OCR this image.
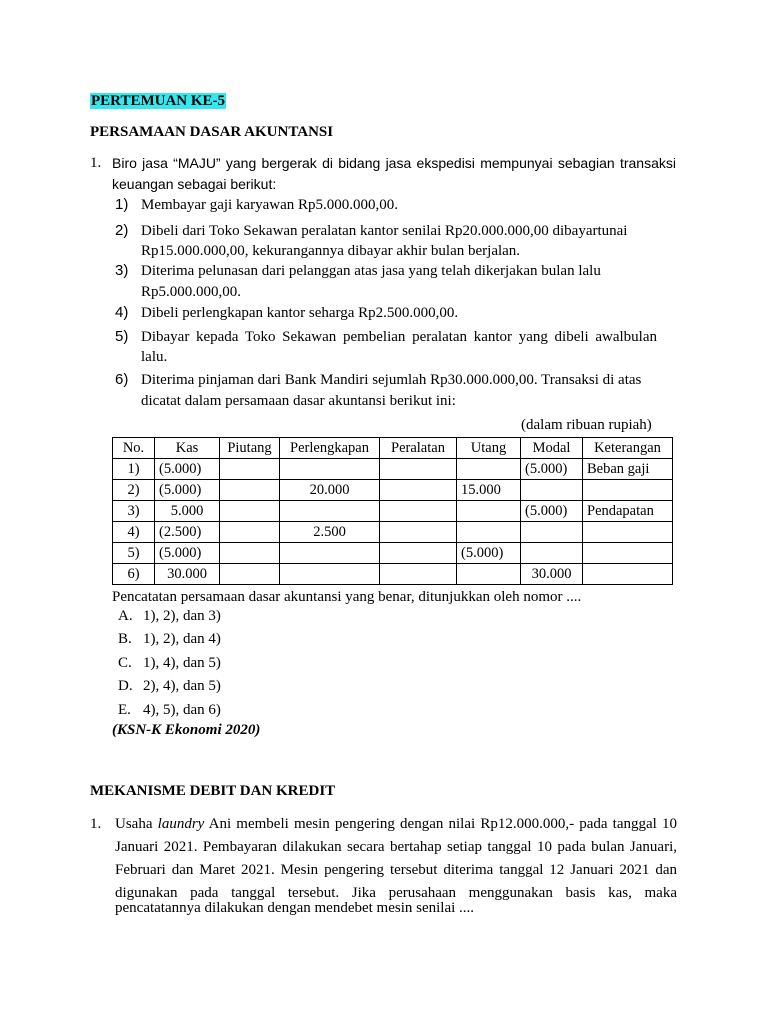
PERTEMUAN KE-5
PERSAMAAN DASAR AKUNTANSI
1. Biro jasa “MAJU” yang bergerak di bidang jasa ekspedisi mempunyai sebagian transaksi
keuangan sebagai berikut:
1) Membayar gaji karyawan Rp5.000.000,00.
2) Dibeli dari Toko Sekawan peralatan kantor senilai Rp20.000.000,00 dibayartunai
Rp15.000.000,00, kekurangannya dibayar akhir bulan berjalan.
3) Diterima pelunasan dari pelanggan atas jasa yang telah dikerjakan bulan lalu
Rp5.000.000,00.
4) Dibeli perlengkapan kantor seharga Rp2.500.000,00.
5) Dibayar kepada Toko Sekawan pembelian peralatan kantor yang dibeli awalbulan
lalu.
6) Diterima pinjaman dari Bank Mandiri sejumlah Rp30.000.000,00. Transaksi di atas
dicatat dalam persamaan dasar akuntansi berikut ini:
(dalam ribuan rupiah)
No.	Kas	Piutang	Perlengkapan	Peralatan	Utang	Modal	Keterangan
1)	(5.000)					(5.000)	Beban gaji
2)	(5.000)		20.000		15.000		
3)	5.000					(5.000)	Pendapatan
4)	(2.500)		2.500				
5)	(5.000)				(5.000)		
6)	30.000					30.000	
Pencatatan persamaan dasar akuntansi yang benar, ditunjukkan oleh nomor ....
A. 1), 2), dan 3)
B. 1), 2), dan 4)
C. 1), 4), dan 5)
D. 2), 4), dan 5)
E. 4), 5), dan 6)
(KSN-K Ekonomi 2020)
MEKANISME DEBIT DAN KREDIT
1. Usaha laundry Ani membeli mesin pengering dengan nilai Rp12.000.000,- pada tanggal 10
Januari 2021. Pembayaran dilakukan secara bertahap setiap tanggal 10 pada bulan Januari,
Februari dan Maret 2021. Mesin pengering tersebut diterima tanggal 12 Januari 2021 dan
digunakan pada tanggal tersebut. Jika perusahaan menggunakan basis kas, maka
pencatatannya dilakukan dengan mendebet mesin senilai ....
